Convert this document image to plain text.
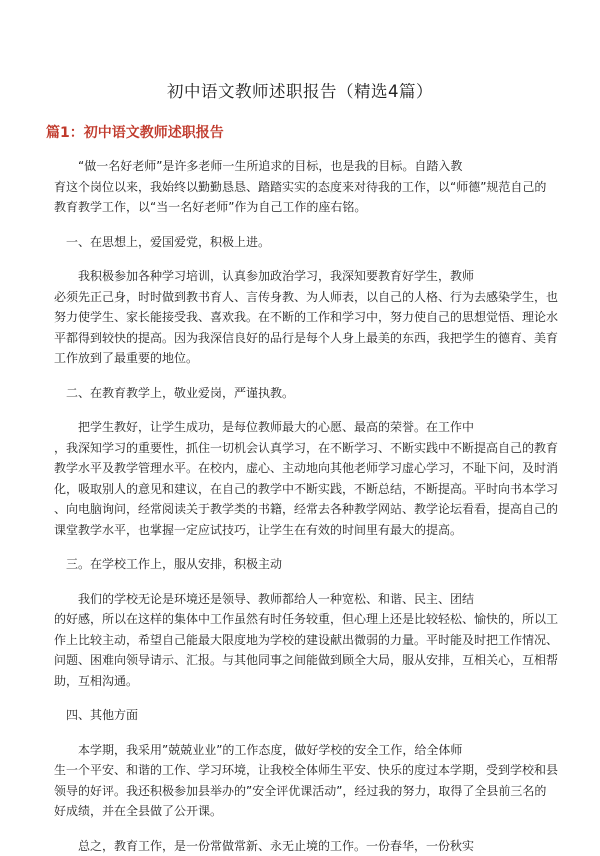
初中语文教师述职报告（精选4篇）
篇1：初中语文教师述职报告

“做一名好老师”是许多老师一生所追求的目标，也是我的目标。自踏入教
育这个岗位以来，我始终以勤勤恳恳、踏踏实实的态度来对待我的工作，以“师德”规范自己的
教育教学工作，以“当一名好老师”作为自己工作的座右铭。

一、在思想上，爱国爱党，积极上进。

我积极参加各种学习培训，认真参加政治学习，我深知要教育好学生，教师
必须先正己身，时时做到教书育人、言传身教、为人师表，以自己的人格、行为去感染学生，也
努力使学生、家长能接受我、喜欢我。在不断的工作和学习中，努力使自己的思想觉悟、理论水
平都得到较快的提高。因为我深信良好的品行是每个人身上最美的东西，我把学生的德育、美育
工作放到了最重要的地位。

二、在教育教学上，敬业爱岗，严谨执教。

把学生教好，让学生成功，是每位教师最大的心愿、最高的荣誉。在工作中
，我深知学习的重要性，抓住一切机会认真学习，在不断学习、不断实践中不断提高自己的教育
教学水平及教学管理水平。在校内，虚心、主动地向其他老师学习虚心学习，不耻下问，及时消
化，吸取别人的意见和建议，在自己的教学中不断实践，不断总结，不断提高。平时向书本学习
、向电脑询问，经常阅读关于教学类的书籍，经常去各种教学网站、教学论坛看看，提高自己的
课堂教学水平，也掌握一定应试技巧，让学生在有效的时间里有最大的提高。

三。在学校工作上，服从安排，积极主动

我们的学校无论是环境还是领导、教师都给人一种宽松、和谐、民主、团结
的好感，所以在这样的集体中工作虽然有时任务较重，但心理上还是比较轻松、愉快的，所以工
作上比较主动，希望自己能最大限度地为学校的建设献出微弱的力量。平时能及时把工作情况、
问题、困难向领导请示、汇报。与其他同事之间能做到顾全大局，服从安排，互相关心，互相帮
助，互相沟通。

四、其他方面

本学期，我采用”兢兢业业”的工作态度，做好学校的安全工作，给全体师
生一个平安、和谐的工作、学习环境，让我校全体师生平安、快乐的度过本学期，受到学校和县
领导的好评。我还积极参加县举办的”安全评优课活动”，经过我的努力，取得了全县前三名的
好成绩，并在全县做了公开课。

总之，教育工作，是一份常做常新、永无止境的工作。一份春华，一份秋实
